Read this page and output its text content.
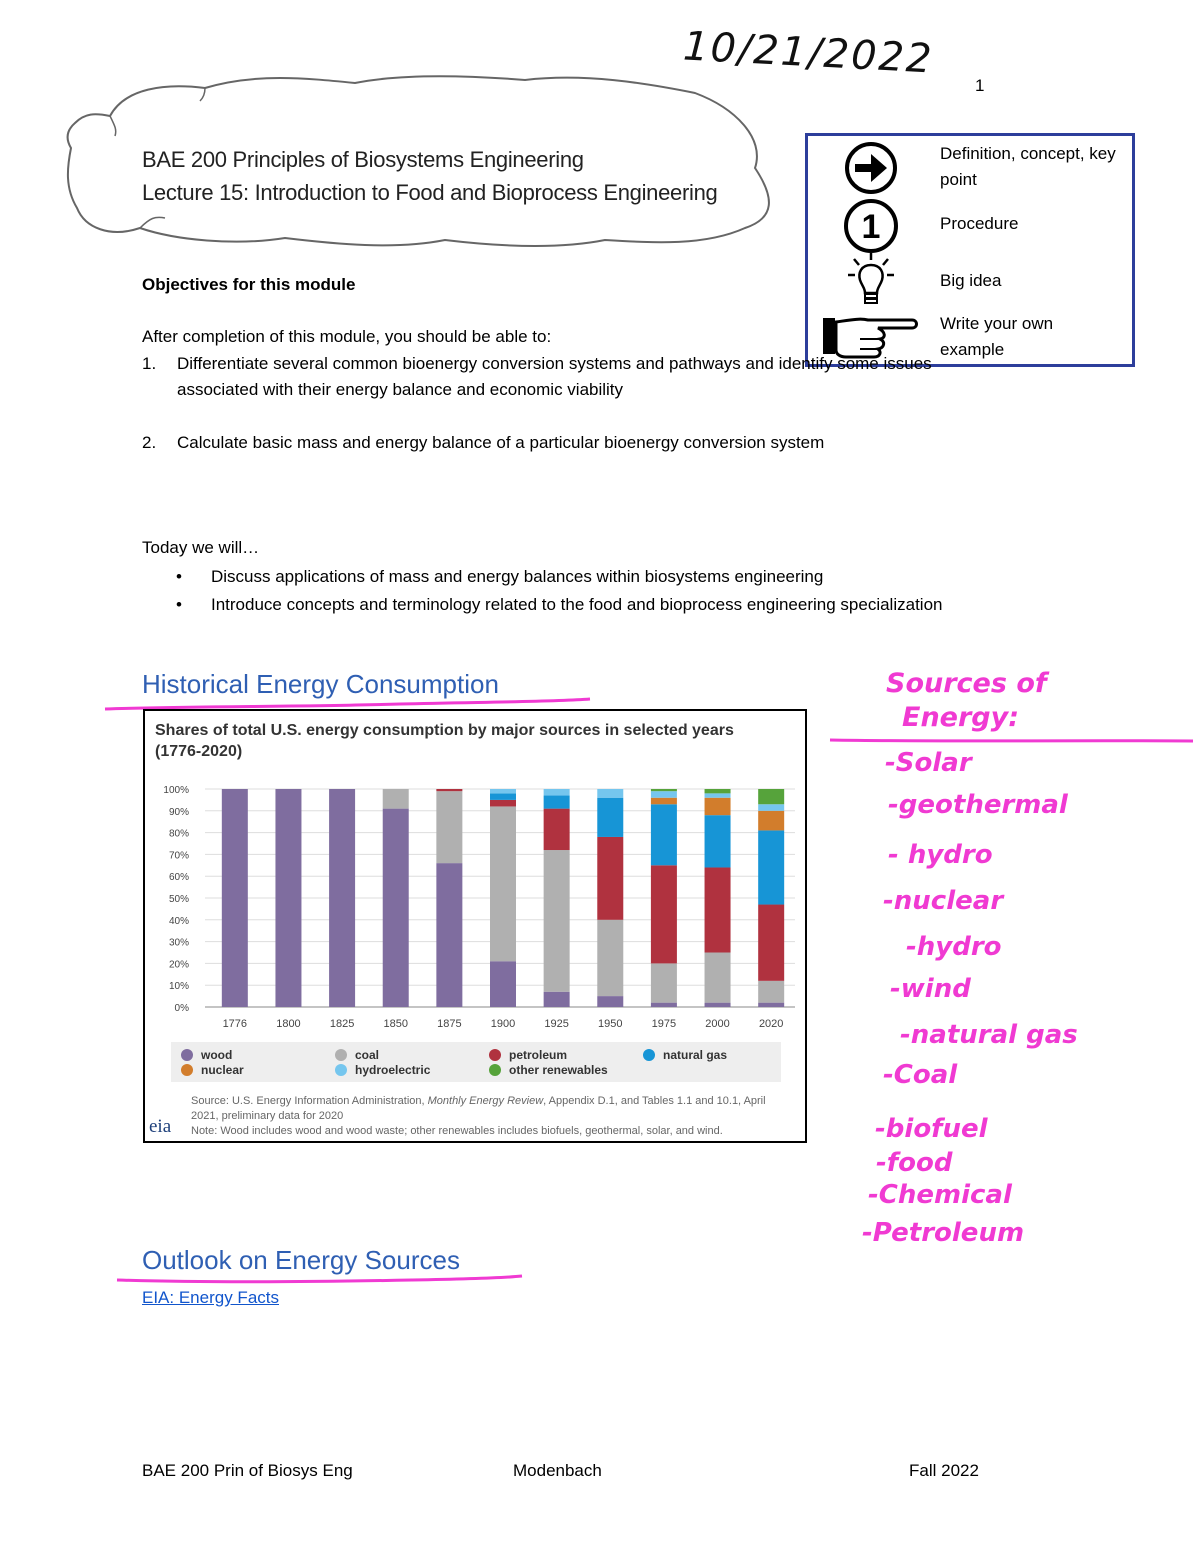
10/21/2022
1
BAE 200 Principles of Biosystems Engineering
Lecture 15: Introduction to Food and Bioprocess Engineering
Definition, concept, key point
1	Procedure
Big idea
Write your own example
Objectives for this module
After completion of this module, you should be able to:
1. Differentiate several common bioenergy conversion systems and pathways and identify some issues associated with their energy balance and economic viability
2. Calculate basic mass and energy balance of a particular bioenergy conversion system
Today we will…
• Discuss applications of mass and energy balances within biosystems engineering
• Introduce concepts and terminology related to the food and bioprocess engineering specialization
Historical Energy Consumption
Shares of total U.S. energy consumption by major sources in selected years (1776-2020)
0%
10%
20%
30%
40%
50%
60%
70%
80%
90%
100%
1776	1800	1825	1850	1875	1900	1925	1950	1975	2000	2020
wood	coal	petroleum	natural gas
nuclear	hydroelectric	other renewables
Source: U.S. Energy Information Administration, Monthly Energy Review, Appendix D.1, and Tables 1.1 and 10.1, April 2021, preliminary data for 2020
Note: Wood includes wood and wood waste; other renewables includes biofuels, geothermal, solar, and wind.
eia
Outlook on Energy Sources
EIA: Energy Facts
Sources of
Energy:
-Solar
-geothermal
- hydro
-nuclear
-hydro
-wind
-natural gas
-Coal
-biofuel
-food
-Chemical
-Petroleum
BAE 200 Prin of Biosys Eng	Modenbach	Fall 2022
